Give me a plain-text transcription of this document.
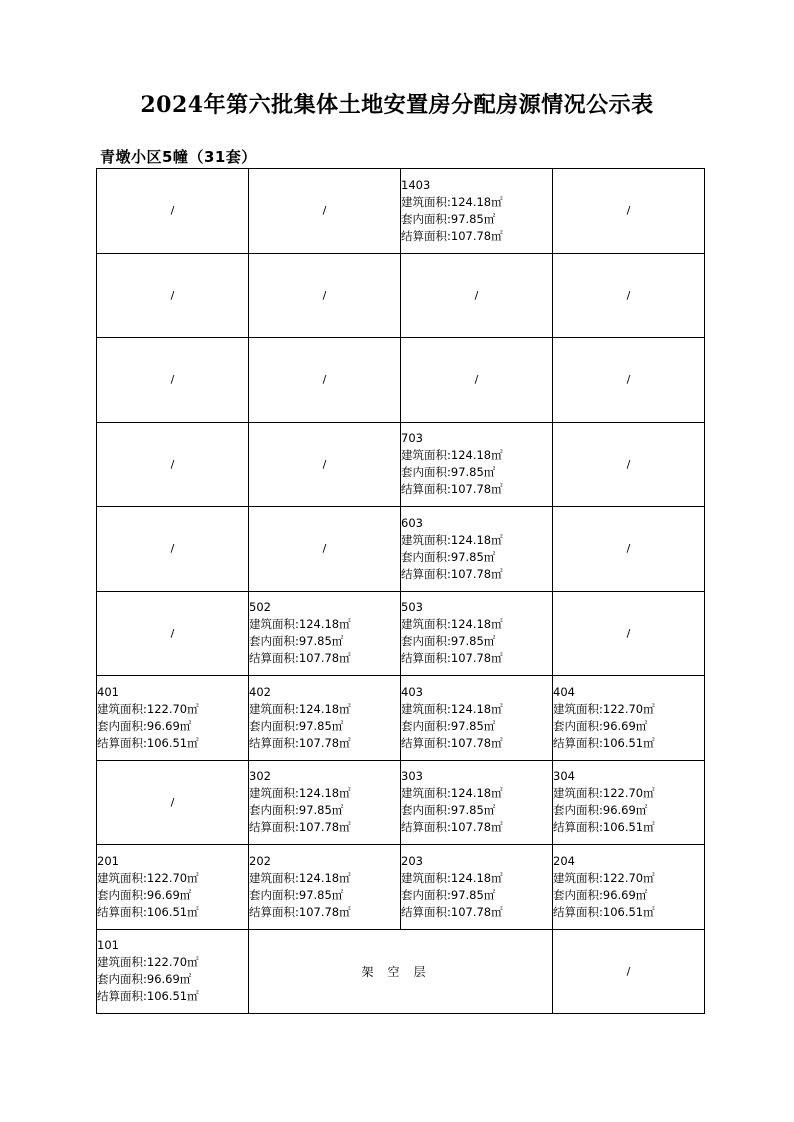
2024年第六批集体土地安置房分配房源情况公示表
青墩小区5幢（31套）
/	/	1403
建筑面积:124.18㎡
套内面积:97.85㎡
结算面积:107.78㎡	/
/	/	/	/
/	/	/	/
/	/	703
建筑面积:124.18㎡
套内面积:97.85㎡
结算面积:107.78㎡	/
/	/	603
建筑面积:124.18㎡
套内面积:97.85㎡
结算面积:107.78㎡	/
/	502
建筑面积:124.18㎡
套内面积:97.85㎡
结算面积:107.78㎡	503
建筑面积:124.18㎡
套内面积:97.85㎡
结算面积:107.78㎡	/

401
建筑面积:122.70㎡
套内面积:96.69㎡
结算面积:106.51㎡	402
建筑面积:124.18㎡
套内面积:97.85㎡
结算面积:107.78㎡	403
建筑面积:124.18㎡
套内面积:97.85㎡
结算面积:107.78㎡	404
建筑面积:122.70㎡
套内面积:96.69㎡
结算面积:106.51㎡

/	302
建筑面积:124.18㎡
套内面积:97.85㎡
结算面积:107.78㎡	303
建筑面积:124.18㎡
套内面积:97.85㎡
结算面积:107.78㎡	304
建筑面积:122.70㎡
套内面积:96.69㎡
结算面积:106.51㎡

201
建筑面积:122.70㎡
套内面积:96.69㎡
结算面积:106.51㎡	202
建筑面积:124.18㎡
套内面积:97.85㎡
结算面积:107.78㎡	203
建筑面积:124.18㎡
套内面积:97.85㎡
结算面积:107.78㎡	204
建筑面积:122.70㎡
套内面积:96.69㎡
结算面积:106.51㎡

101
建筑面积:122.70㎡
套内面积:96.69㎡
结算面积:106.51㎡	架空层		/
